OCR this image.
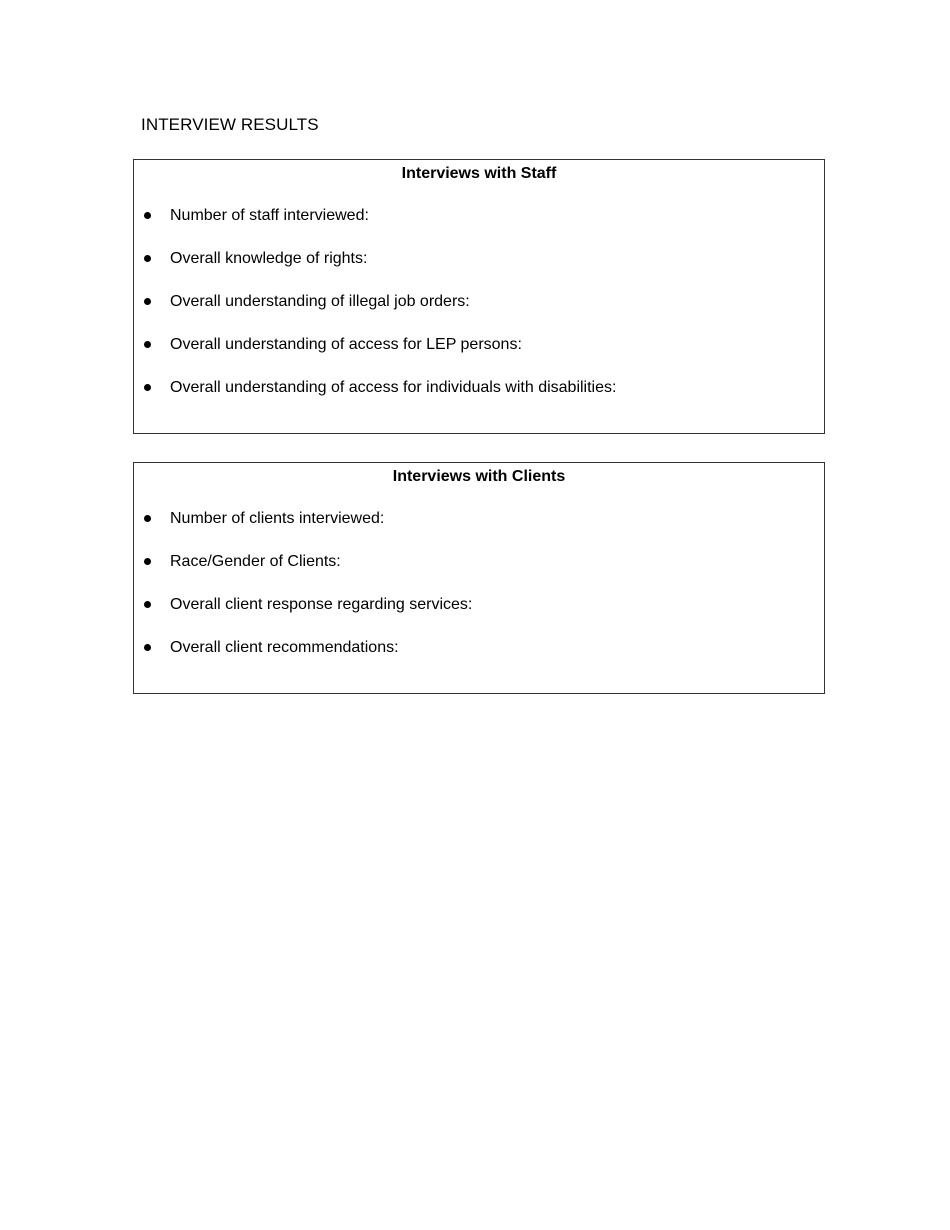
INTERVIEW RESULTS
Interviews with Staff
Number of staff interviewed:
Overall knowledge of rights:
Overall understanding of illegal job orders:
Overall understanding of access for LEP persons:
Overall understanding of access for individuals with disabilities:
Interviews with Clients
Number of clients interviewed:
Race/Gender of Clients:
Overall client response regarding services:
Overall client recommendations:
